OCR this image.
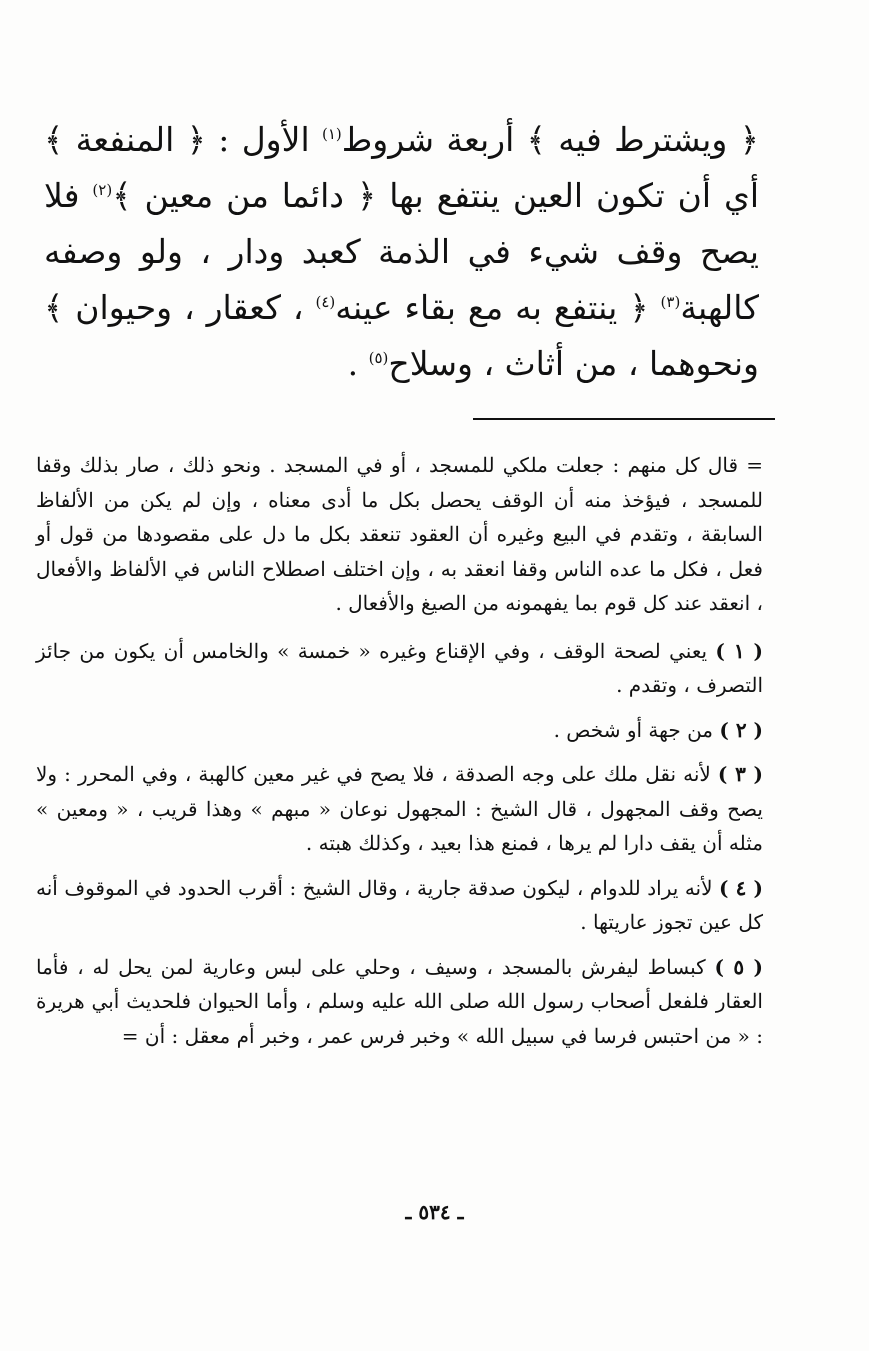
﴿ ويشترط فيه ﴾ أربعة شروط$^{(١)}$ الأول : ﴿ المنفعة ﴾ أي أن تكون العين ينتفع بها ﴿ دائما من معين ﴾$^{(٢)}$ فلا يصح وقف شيء في الذمة كعبد ودار ، ولو وصفه كالهبة$^{(٣)}$ ﴿ ينتفع به مع بقاء عينه$^{(٤)}$ ، كعقار ، وحيوان ﴾ ونحوهما ، من أثاث ، وسلاح$^{(٥)}$ .

= قال كل منهم : جعلت ملكي للمسجد ، أو في المسجد . ونحو ذلك ، صار بذلك وقفا للمسجد ، فيؤخذ منه أن الوقف يحصل بكل ما أدى معناه ، وإن لم يكن من الألفاظ السابقة ، وتقدم في البيع وغيره أن العقود تنعقد بكل ما دل على مقصودها من قول أو فعل ، فكل ما عده الناس وقفا انعقد به ، وإن اختلف اصطلاح الناس في الألفاظ والأفعال ، انعقد عند كل قوم بما يفهمونه من الصيغ والأفعال .

( ١ ) يعني لصحة الوقف ، وفي الإقناع وغيره « خمسة » والخامس أن يكون من جائز التصرف ، وتقدم .

( ٢ ) من جهة أو شخص .

( ٣ ) لأنه نقل ملك على وجه الصدقة ، فلا يصح في غير معين كالهبة ، وفي المحرر : ولا يصح وقف المجهول ، قال الشيخ : المجهول نوعان « مبهم » وهذا قريب ، « ومعين » مثله أن يقف دارا لم يرها ، فمنع هذا بعيد ، وكذلك هبته .

( ٤ ) لأنه يراد للدوام ، ليكون صدقة جارية ، وقال الشيخ : أقرب الحدود في الموقوف أنه كل عين تجوز عاريتها .

( ٥ ) كبساط ليفرش بالمسجد ، وسيف ، وحلي على لبس وعارية لمن يحل له ، فأما العقار فلفعل أصحاب رسول الله صلى الله عليه وسلم ، وأما الحيوان فلحديث أبي هريرة : « من احتبس فرسا في سبيل الله » وخبر فرس عمر ، وخبر أم معقل : أن =

ـ ٥٣٤ ـ
